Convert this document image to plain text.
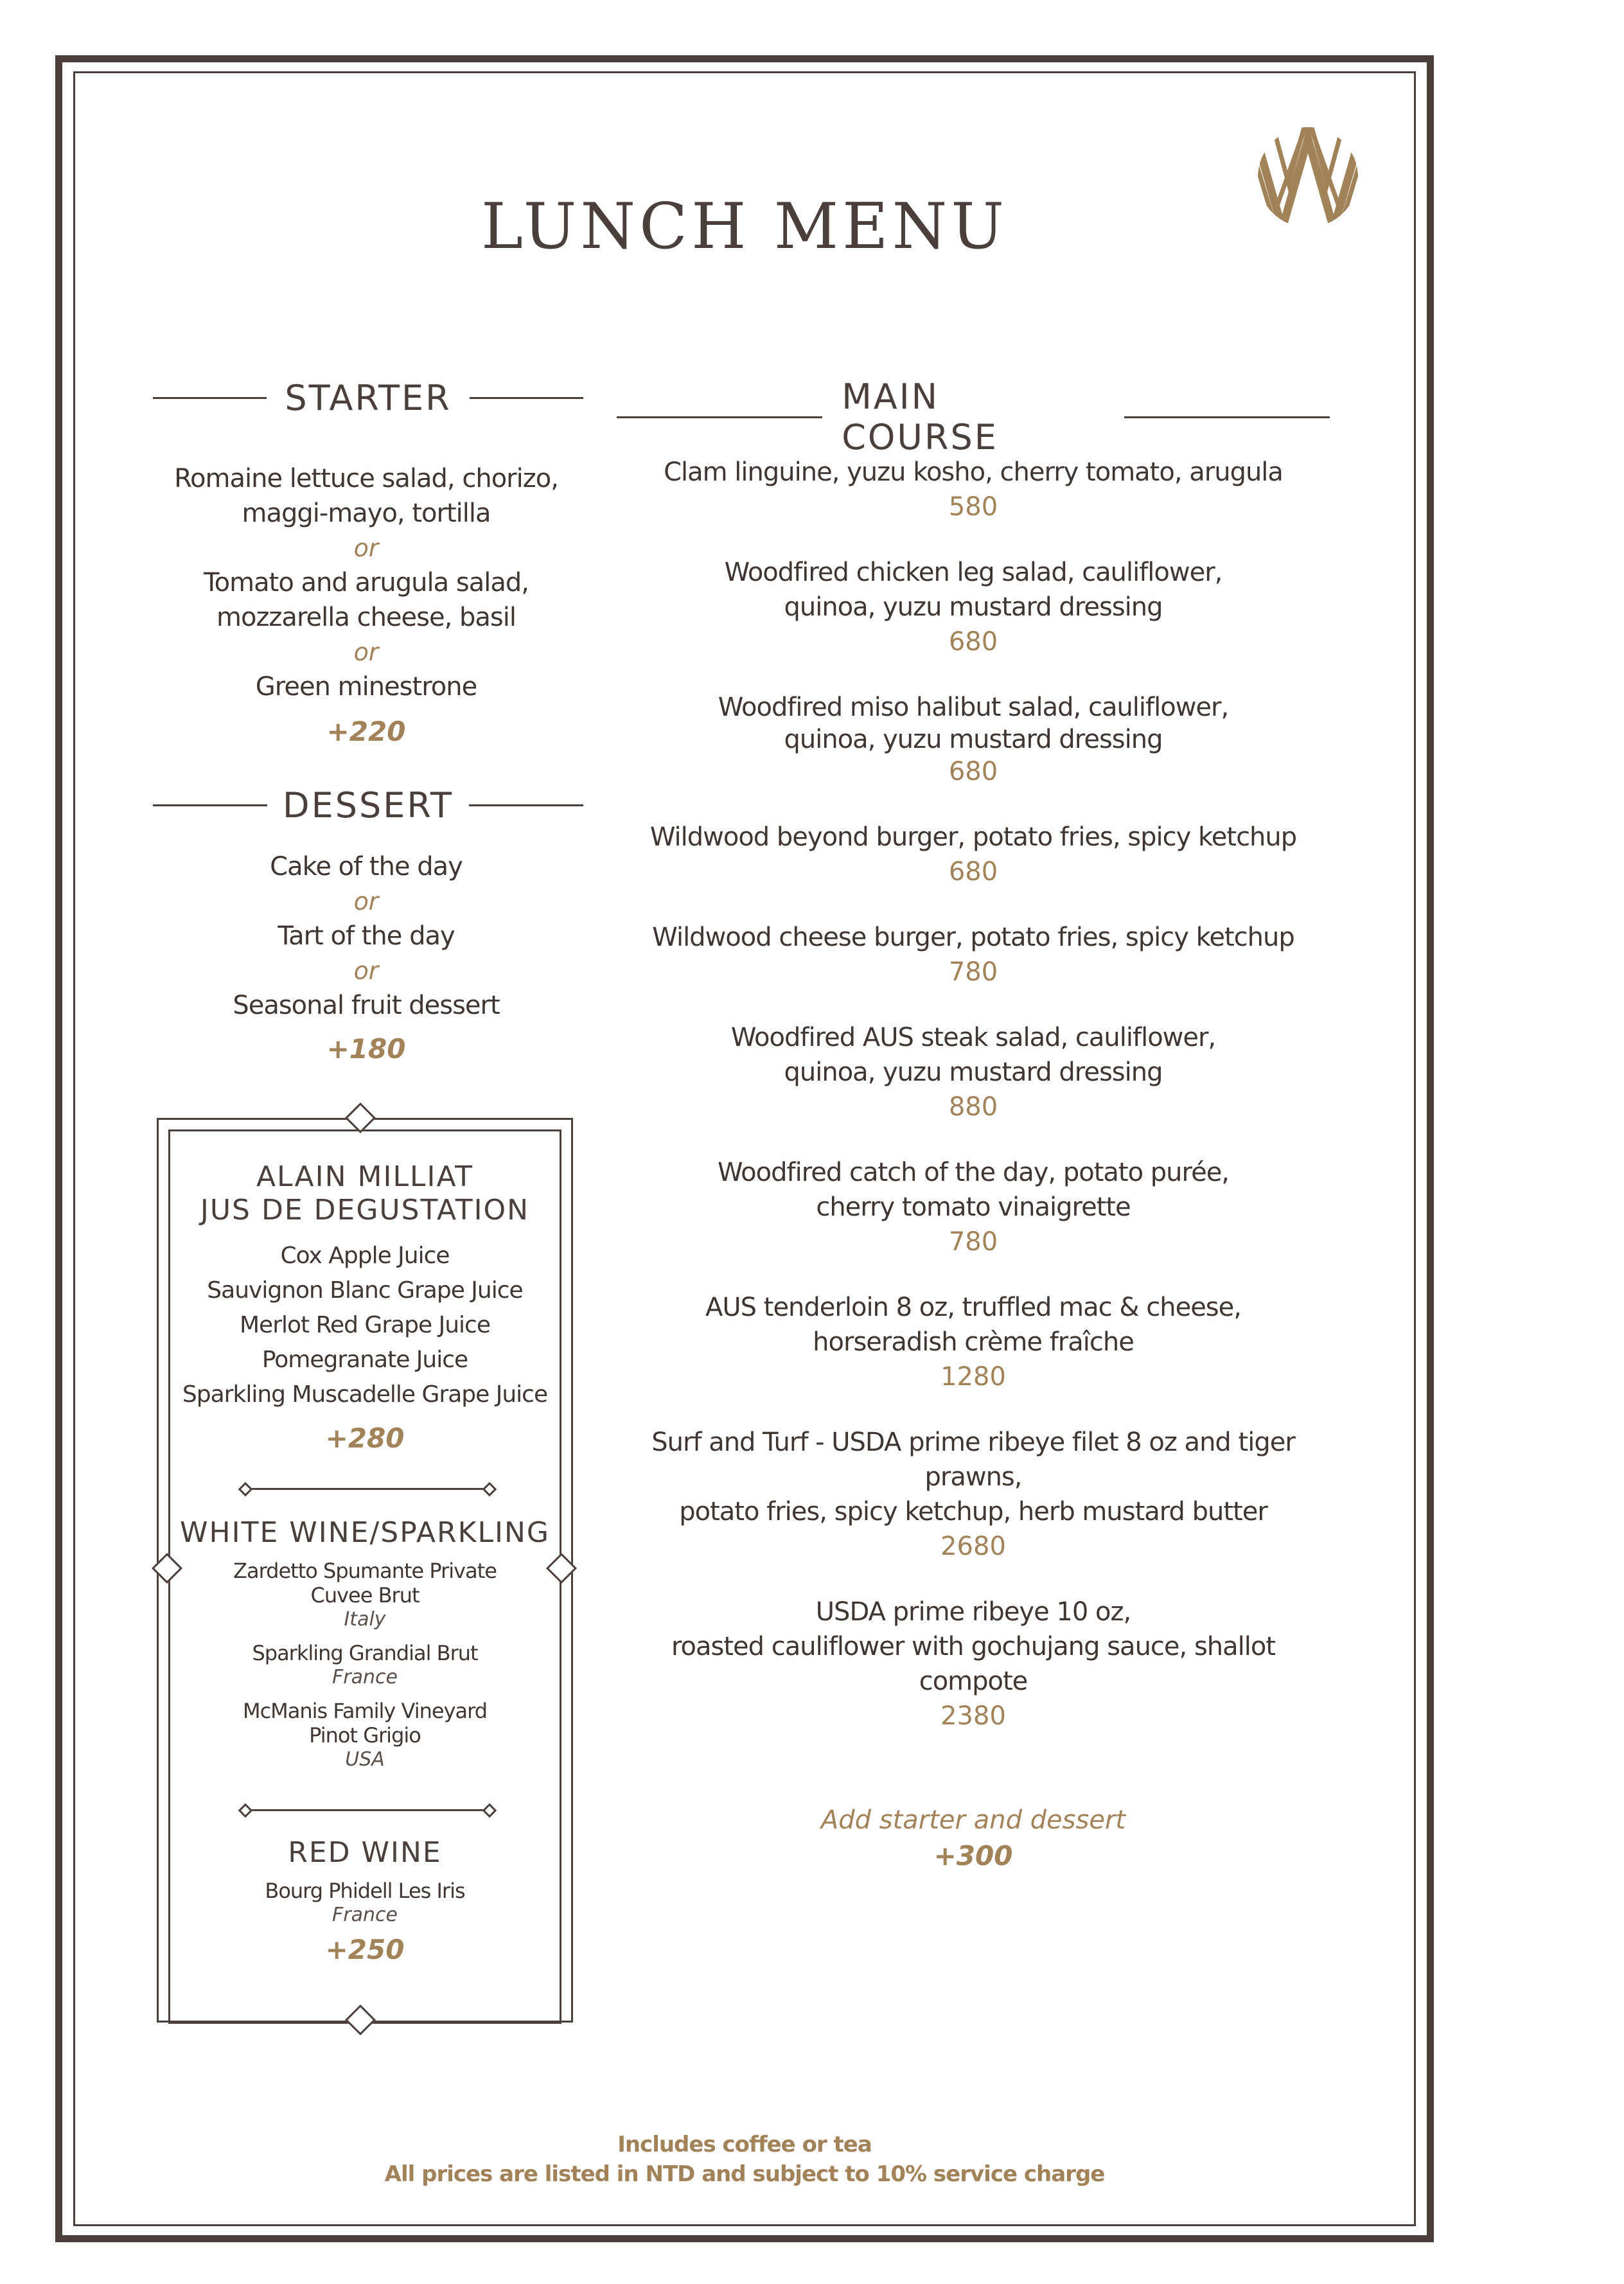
LUNCH MENU
STARTER
Romaine lettuce salad, chorizo,
maggi-mayo, tortilla
or
Tomato and arugula salad,
mozzarella cheese, basil
or
Green minestrone
+220
DESSERT
Cake of the day
or
Tart of the day
or
Seasonal fruit dessert
+180
ALAIN MILLIAT
JUS DE DEGUSTATION
Cox Apple Juice
Sauvignon Blanc Grape Juice
Merlot Red Grape Juice
Pomegranate Juice
Sparkling Muscadelle Grape Juice
+280
WHITE WINE/SPARKLING
Zardetto Spumante Private
Cuvee Brut
Italy
Sparkling Grandial Brut
France
McManis Family Vineyard
Pinot Grigio
USA
RED WINE
Bourg Phidell Les Iris
France
+250
MAIN COURSE
Clam linguine, yuzu kosho, cherry tomato, arugula
580
Woodfired chicken leg salad, cauliflower,
quinoa, yuzu mustard dressing
680
Woodfired miso halibut salad, cauliflower,
quinoa, yuzu mustard dressing
680
Wildwood beyond burger, potato fries, spicy ketchup
680
Wildwood cheese burger, potato fries, spicy ketchup
780
Woodfired AUS steak salad, cauliflower,
quinoa, yuzu mustard dressing
880
Woodfired catch of the day, potato purée,
cherry tomato vinaigrette
780
AUS tenderloin 8 oz, truffled mac & cheese,
horseradish crème fraîche
1280
Surf and Turf - USDA prime ribeye filet 8 oz and tiger prawns,
potato fries, spicy ketchup, herb mustard butter
2680
USDA prime ribeye 10 oz,
roasted cauliflower with gochujang sauce, shallot compote
2380
Add starter and dessert
+300
Includes coffee or tea
All prices are listed in NTD and subject to 10% service charge
